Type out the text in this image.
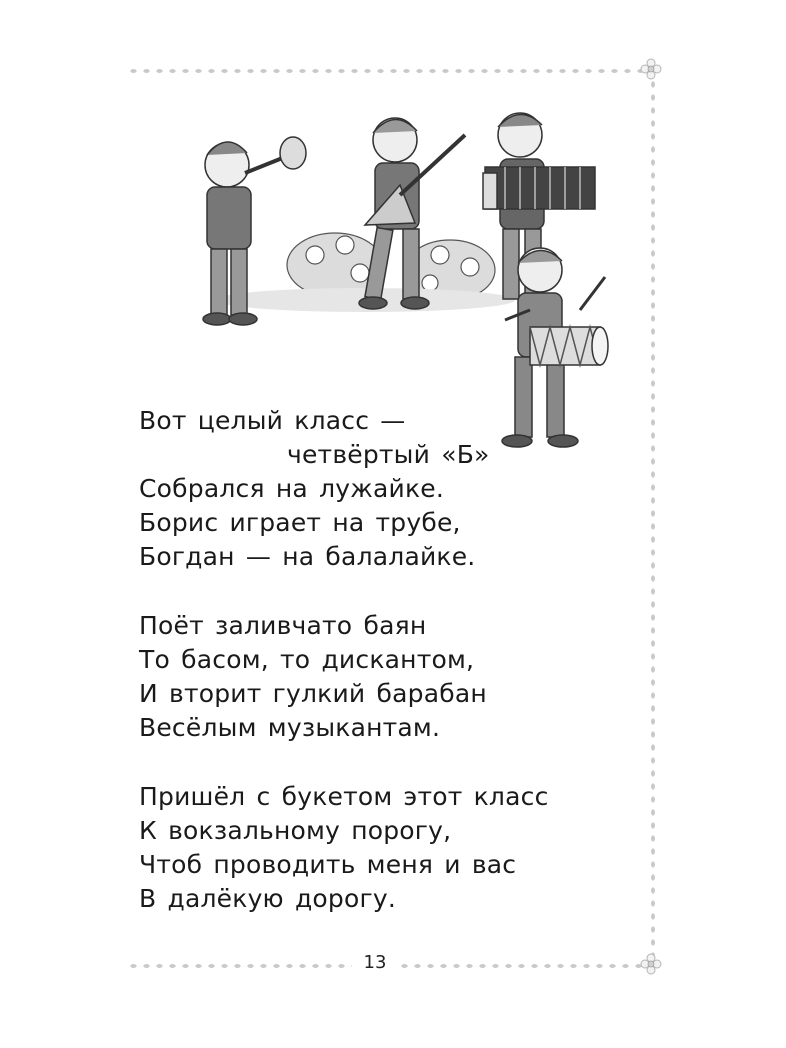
Вот целый класс —
четвёртый «Б»
Собрался на лужайке.
Борис играет на трубе,
Богдан — на балалайке.
Поёт заливчато баян
То басом, то дискантом,
И вторит гулкий барабан
Весёлым музыкантам.
Пришёл с букетом этот класс
К вокзальному порогу,
Чтоб проводить меня и вас
В далёкую дорогу.
13
